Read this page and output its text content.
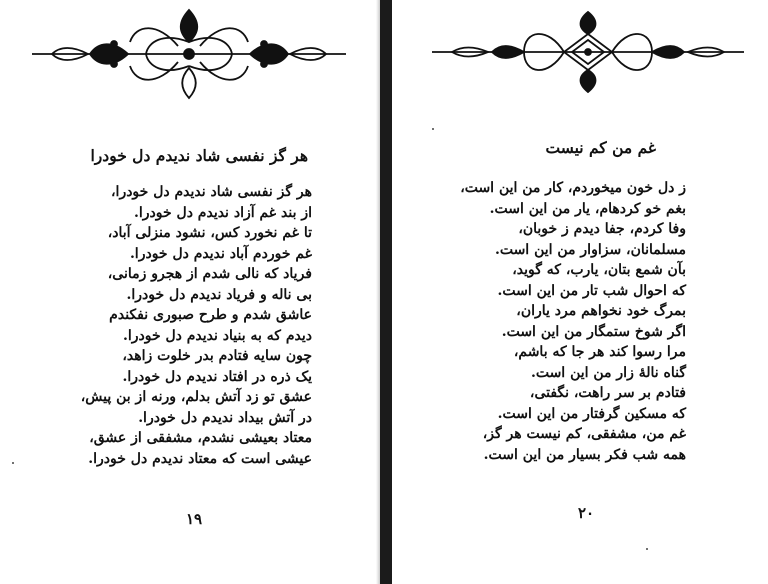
هر گز نفسی شاد ندیدم دل خودرا
هر گز نفسی شاد ندیدم دل خودرا،
از بند غم آزاد ندیدم دل خودرا.
تا غم نخورد کس، نشود منزلی آباد،
غم خوردم آباد ندیدم دل خودرا.
فریاد که نالی شدم از هجرو زمانی،
بی ناله و فریاد ندیدم دل خودرا.
عاشق شدم و طرح صبوری نفکندم
دیدم که به بنیاد ندیدم دل خودرا.
چون سایه فتادم بدر خلوت زاهد،
یک ذره در افتاد ندیدم دل خودرا.
عشق تو زد آتش بدلم، ورنه از بن پیش،
در آتش بیداد ندیدم دل خودرا.
معتاد بعیشی نشدم، مشفقی از عشق،
عیشی است که معتاد ندیدم دل خودرا.
۱۹
غم من کم نیست
ز دل خون میخوردم، کار من این است،
بغم خو کردهام، یار من این است.
وفا کردم، جفا دیدم ز خوبان،
مسلمانان، سزاوار من این است.
بآن شمع بتان، یارب، که گوید،
که احوال شب تار من این است.
بمرگ خود نخواهم مرد یاران،
اگر شوخ ستمگار من این است.
مرا رسوا کند هر جا که باشم،
گناه نالهٔ زار من این است.
فتادم بر سر راهت، نگفتی،
که مسکین گرفتار من این است.
غم من، مشفقی، کم نیست هر گز،
همه شب فکر بسیار من این است.
۲۰
